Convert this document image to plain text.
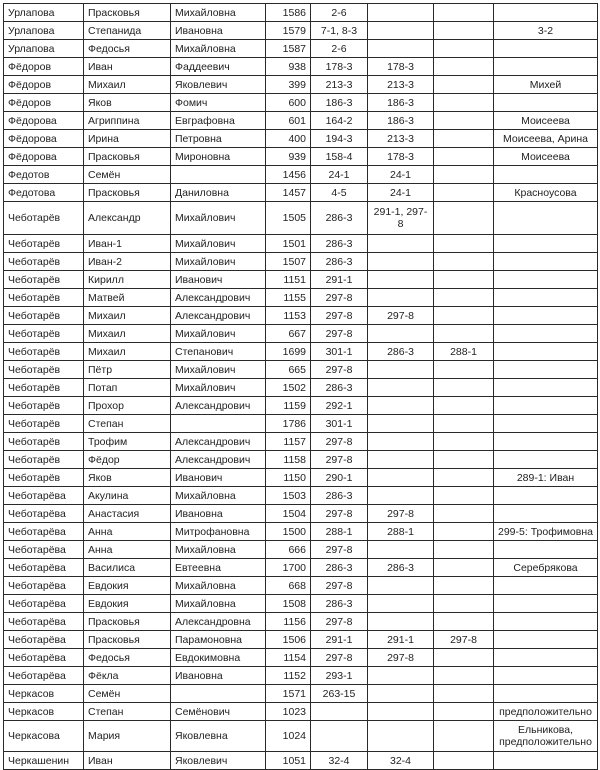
Урлапова	Прасковья	Михайловна	1586	2-6			
Урлапова	Степанида	Ивановна	1579	7-1, 8-3			3-2
Урлапова	Федосья	Михайловна	1587	2-6			
Фёдоров	Иван	Фаддеевич	938	178-3	178-3		
Фёдоров	Михаил	Яковлевич	399	213-3	213-3		Михей
Фёдоров	Яков	Фомич	600	186-3	186-3		
Фёдорова	Агриппина	Евграфовна	601	164-2	186-3		Моисеева
Фёдорова	Ирина	Петровна	400	194-3	213-3		Моисеева, Арина
Фёдорова	Прасковья	Мироновна	939	158-4	178-3		Моисеева
Федотов	Семён		1456	24-1	24-1		
Федотова	Прасковья	Даниловна	1457	4-5	24-1		Красноусова
Чеботарёв	Александр	Михайлович	1505	286-3	291-1, 297-8		
Чеботарёв	Иван-1	Михайлович	1501	286-3			
Чеботарёв	Иван-2	Михайлович	1507	286-3			
Чеботарёв	Кирилл	Иванович	1151	291-1			
Чеботарёв	Матвей	Александрович	1155	297-8			
Чеботарёв	Михаил	Александрович	1153	297-8	297-8		
Чеботарёв	Михаил	Михайлович	667	297-8			
Чеботарёв	Михаил	Степанович	1699	301-1	286-3	288-1	
Чеботарёв	Пётр	Михайлович	665	297-8			
Чеботарёв	Потап	Михайлович	1502	286-3			
Чеботарёв	Прохор	Александрович	1159	292-1			
Чеботарёв	Степан		1786	301-1			
Чеботарёв	Трофим	Александрович	1157	297-8			
Чеботарёв	Фёдор	Александрович	1158	297-8			
Чеботарёв	Яков	Иванович	1150	290-1			289-1: Иван
Чеботарёва	Акулина	Михайловна	1503	286-3			
Чеботарёва	Анастасия	Ивановна	1504	297-8	297-8		
Чеботарёва	Анна	Митрофановна	1500	288-1	288-1		299-5: Трофимовна
Чеботарёва	Анна	Михайловна	666	297-8			
Чеботарёва	Василиса	Евтеевна	1700	286-3	286-3		Серебрякова
Чеботарёва	Евдокия	Михайловна	668	297-8			
Чеботарёва	Евдокия	Михайловна	1508	286-3			
Чеботарёва	Прасковья	Александровна	1156	297-8			
Чеботарёва	Прасковья	Парамоновна	1506	291-1	291-1	297-8	
Чеботарёва	Федосья	Евдокимовна	1154	297-8	297-8		
Чеботарёва	Фёкла	Ивановна	1152	293-1			
Черкасов	Семён		1571	263-15			
Черкасов	Степан	Семёнович	1023				предположительно
Черкасова	Мария	Яковлевна	1024				Ельникова, предположительно
Черкашенин	Иван	Яковлевич	1051	32-4	32-4		
